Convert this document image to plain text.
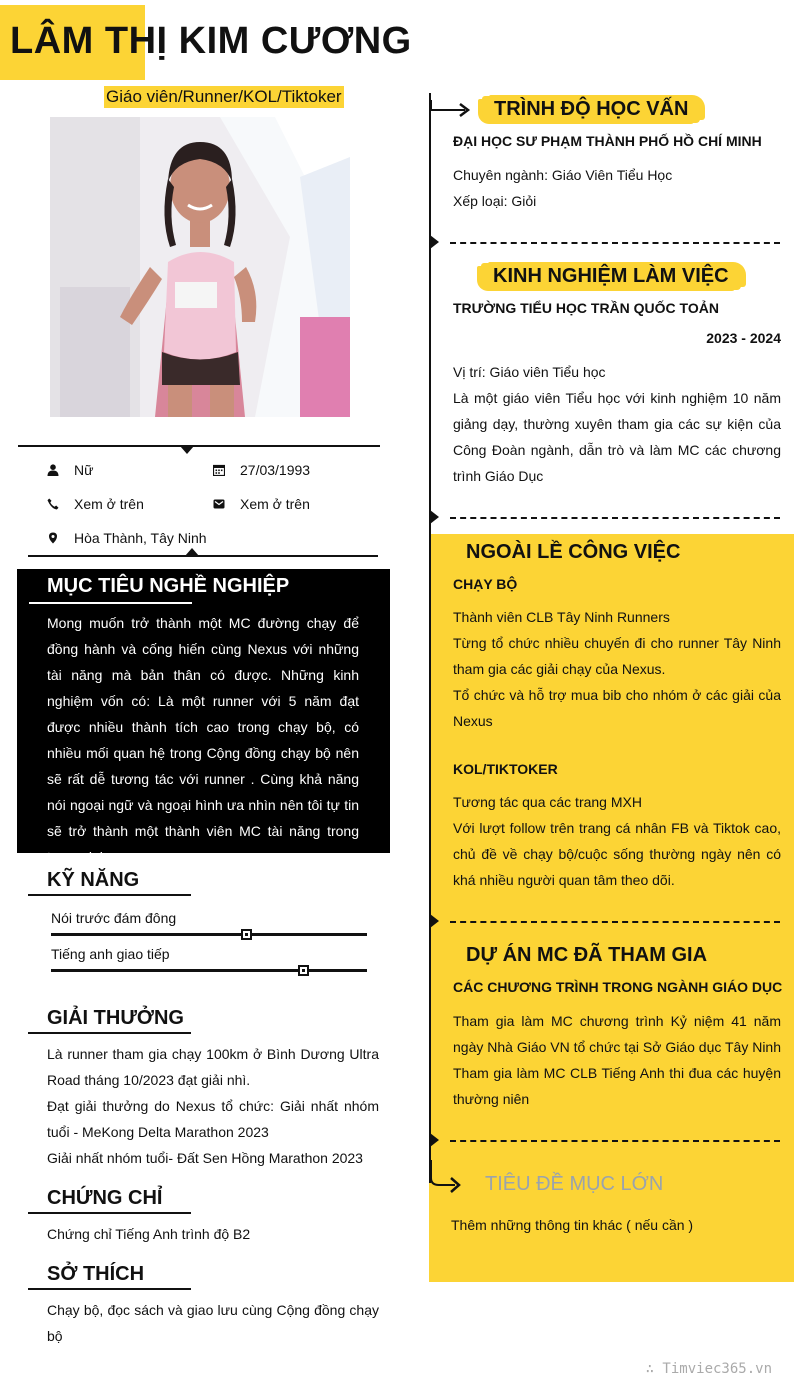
LÂM THỊ KIM CƯƠNG
Giáo viên/Runner/KOL/Tiktoker
Nữ	27/03/1993
Xem ở trên	Xem ở trên
Hòa Thành, Tây Ninh
MỤC TIÊU NGHỀ NGHIỆP
Mong muốn trở thành một MC đường chạy để đồng hành và cống hiến cùng Nexus với những tài năng mà bản thân có được. Những kinh nghiệm vốn có: Là một runner với 5 năm đạt được nhiều thành tích cao trong chạy bộ, có nhiều mối quan hệ trong Cộng đồng chạy bộ nên sẽ rất dễ tương tác với runner . Cùng khả năng nói ngoại ngữ và ngoại hình ưa nhìn nên tôi tự tin sẽ trở thành một thành viên MC tài năng trong tương lai
KỸ NĂNG
Nói trước đám đông
Tiếng anh giao tiếp
GIẢI THƯỞNG
Là runner tham gia chạy 100km ở Bình Dương Ultra Road tháng 10/2023 đạt giải nhì.
Đạt giải thưởng do Nexus tổ chức: Giải nhất nhóm tuổi - MeKong Delta Marathon 2023
Giải nhất nhóm tuổi- Đất Sen Hồng Marathon 2023
CHỨNG CHỈ
Chứng chỉ Tiếng Anh trình độ B2
SỞ THÍCH
Chạy bộ, đọc sách và giao lưu cùng Cộng đồng chạy bộ
TRÌNH ĐỘ HỌC VẤN
ĐẠI HỌC SƯ PHẠM THÀNH PHỐ HỒ CHÍ MINH
Chuyên ngành: Giáo Viên Tiểu Học
Xếp loại: Giỏi
KINH NGHIỆM LÀM VIỆC
TRƯỜNG TIỂU HỌC TRẦN QUỐC TOẢN
2023 - 2024
Vị trí: Giáo viên Tiểu học
Là một giáo viên Tiểu học với kinh nghiệm 10 năm giảng dạy, thường xuyên tham gia các sự kiện của Công Đoàn ngành, dẫn trò và làm MC các chương trình Giáo Dục
NGOÀI LỀ CÔNG VIỆC
CHẠY BỘ
Thành viên CLB Tây Ninh Runners
Từng tổ chức nhiều chuyến đi cho runner Tây Ninh tham gia các giải chạy của Nexus.
Tổ chức và hỗ trợ mua bib cho nhóm ở các giải của Nexus
KOL/TIKTOKER
Tương tác qua các trang MXH
Với lượt follow trên trang cá nhân FB và Tiktok cao, chủ đề về chạy bộ/cuộc sống thường ngày nên có khá nhiều người quan tâm theo dõi.
DỰ ÁN MC ĐÃ THAM GIA
CÁC CHƯƠNG TRÌNH TRONG NGÀNH GIÁO DỤC
Tham gia làm MC chương trình Kỷ niệm 41 năm ngày Nhà Giáo VN tổ chức tại Sở Giáo dục Tây Ninh
Tham gia làm MC CLB Tiếng Anh thi đua các huyện thường niên
TIÊU ĐỀ MỤC LỚN
Thêm những thông tin khác ( nếu cần )
∴ Timviec365.vn
